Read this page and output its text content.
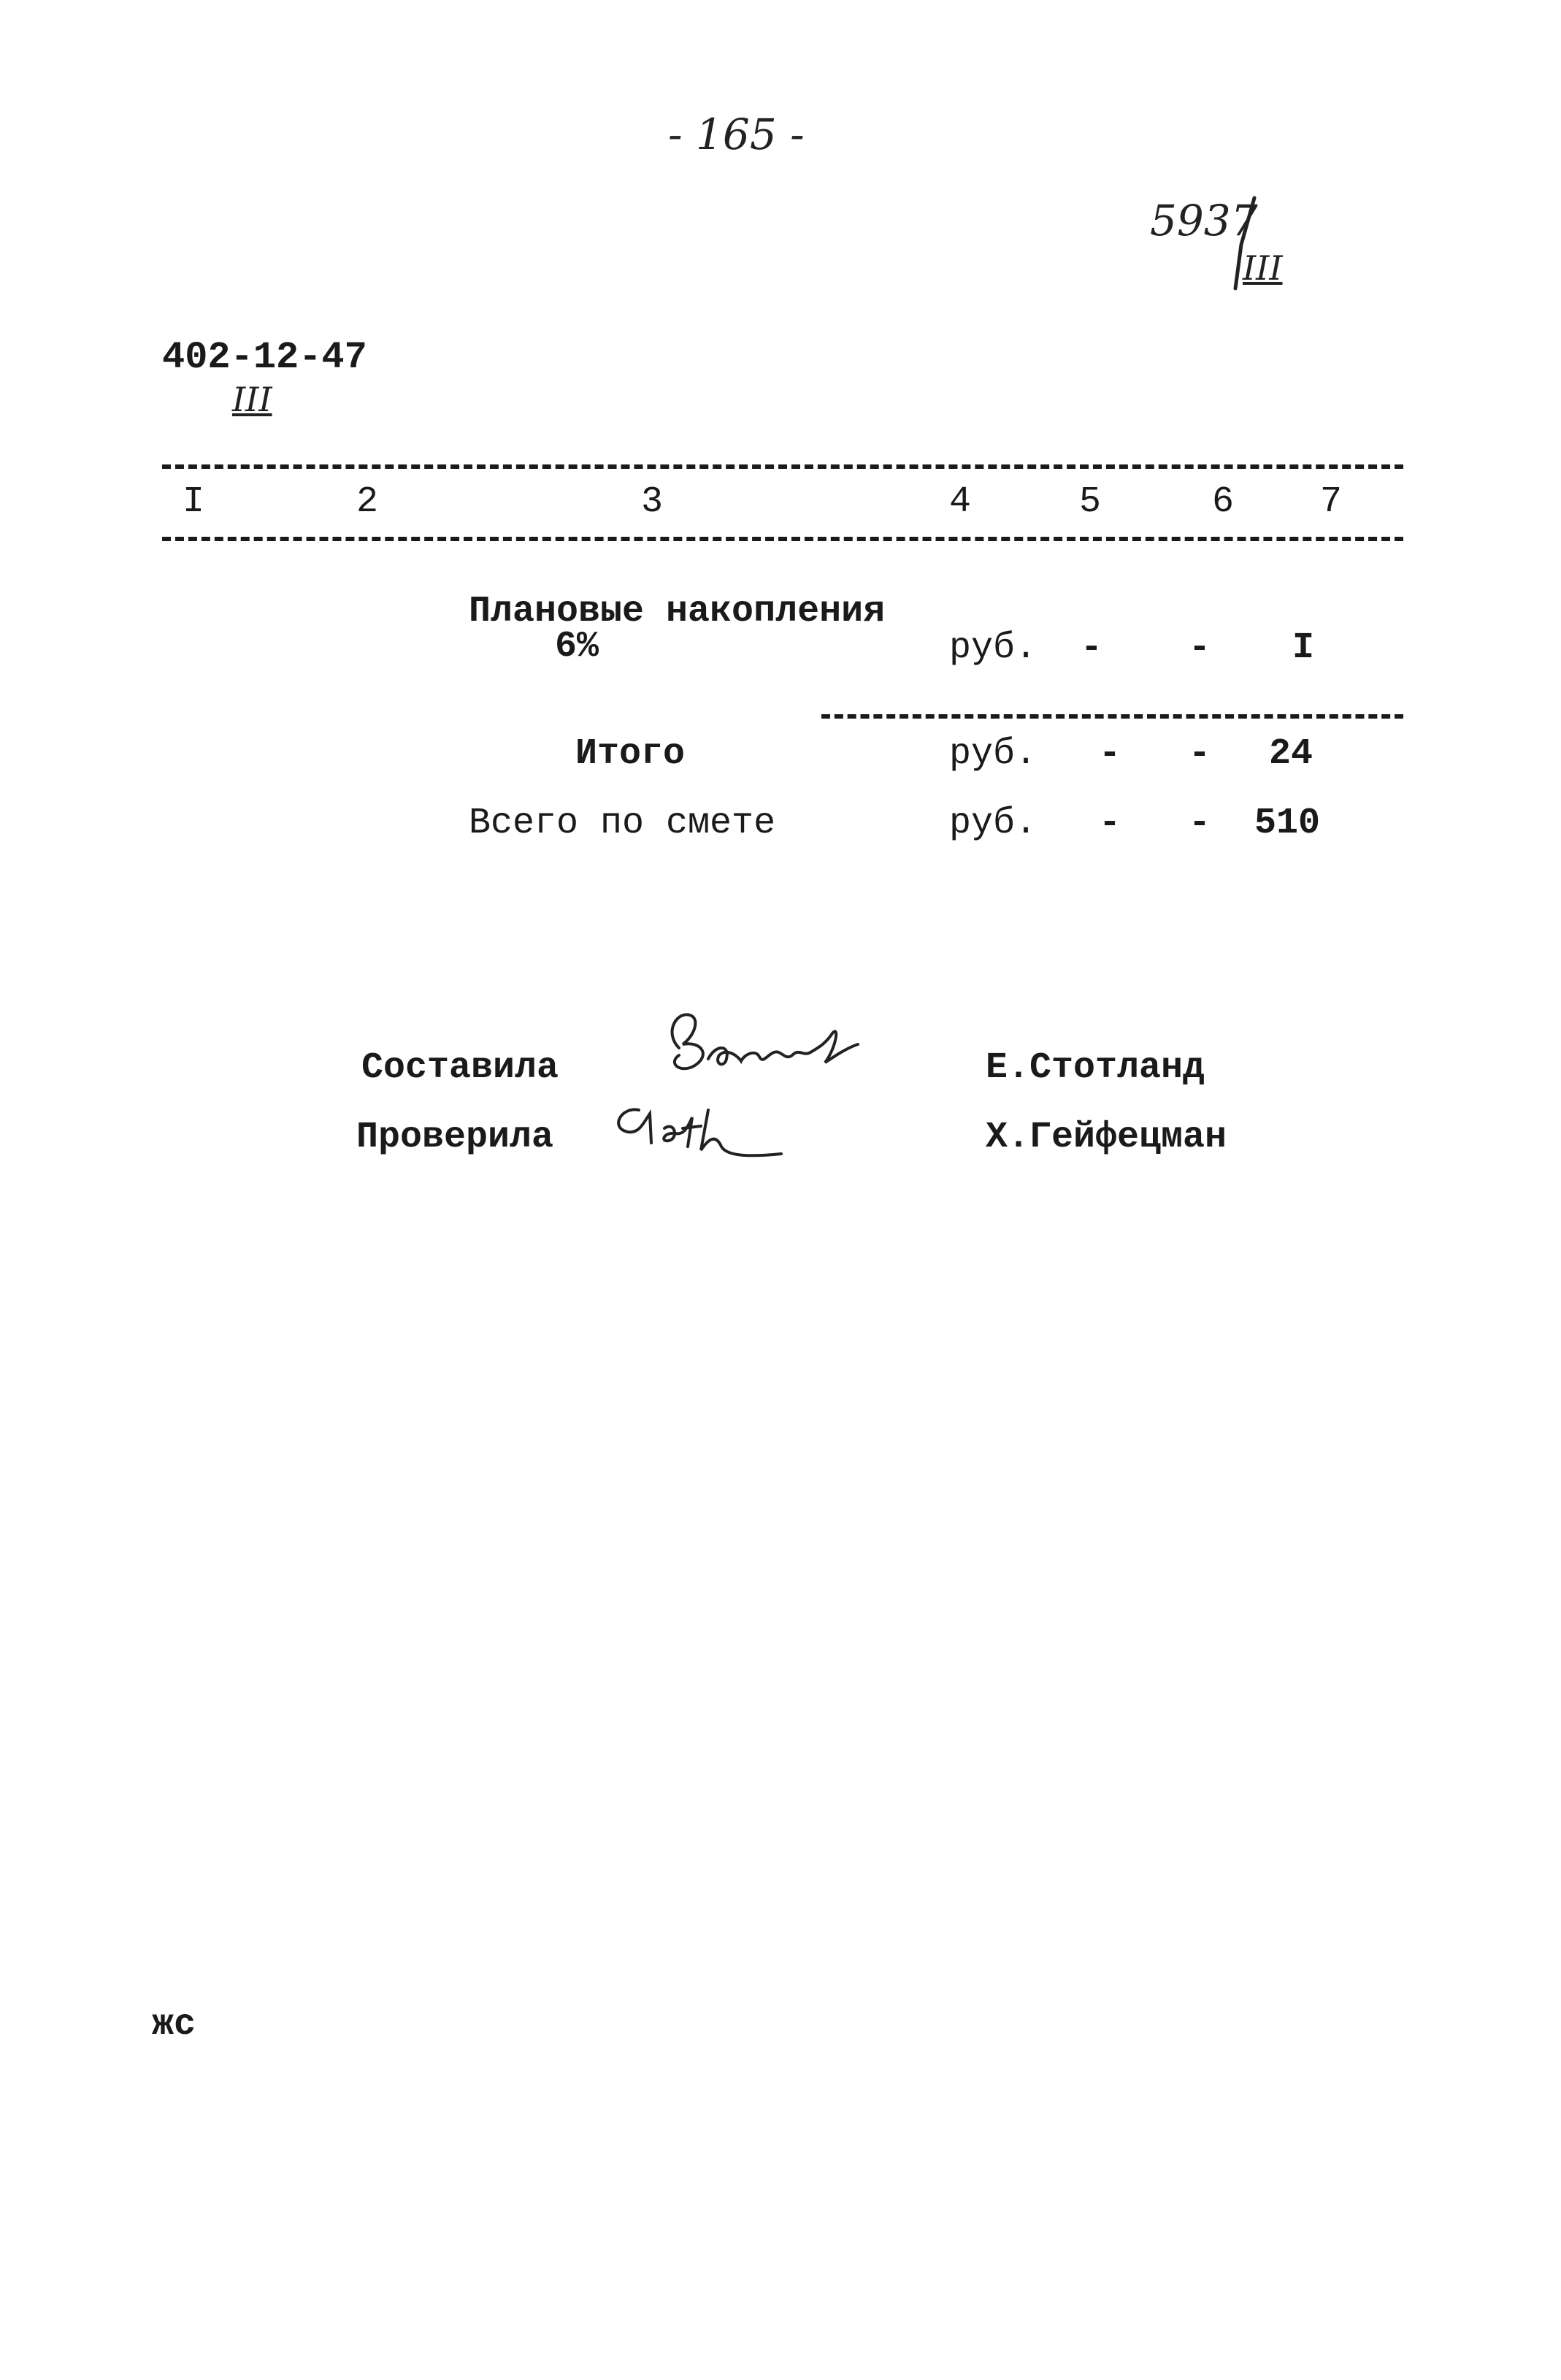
- 165 -
5937
III
402-12-47
III
I	2	3	4	5	6 7
Плановые накопления
6%	руб. - - I
Итого	руб. - - 24
Всего по смете	руб. - - 510
Составила	Е.Стотланд
Проверила	Х.Гейфецман
жс
